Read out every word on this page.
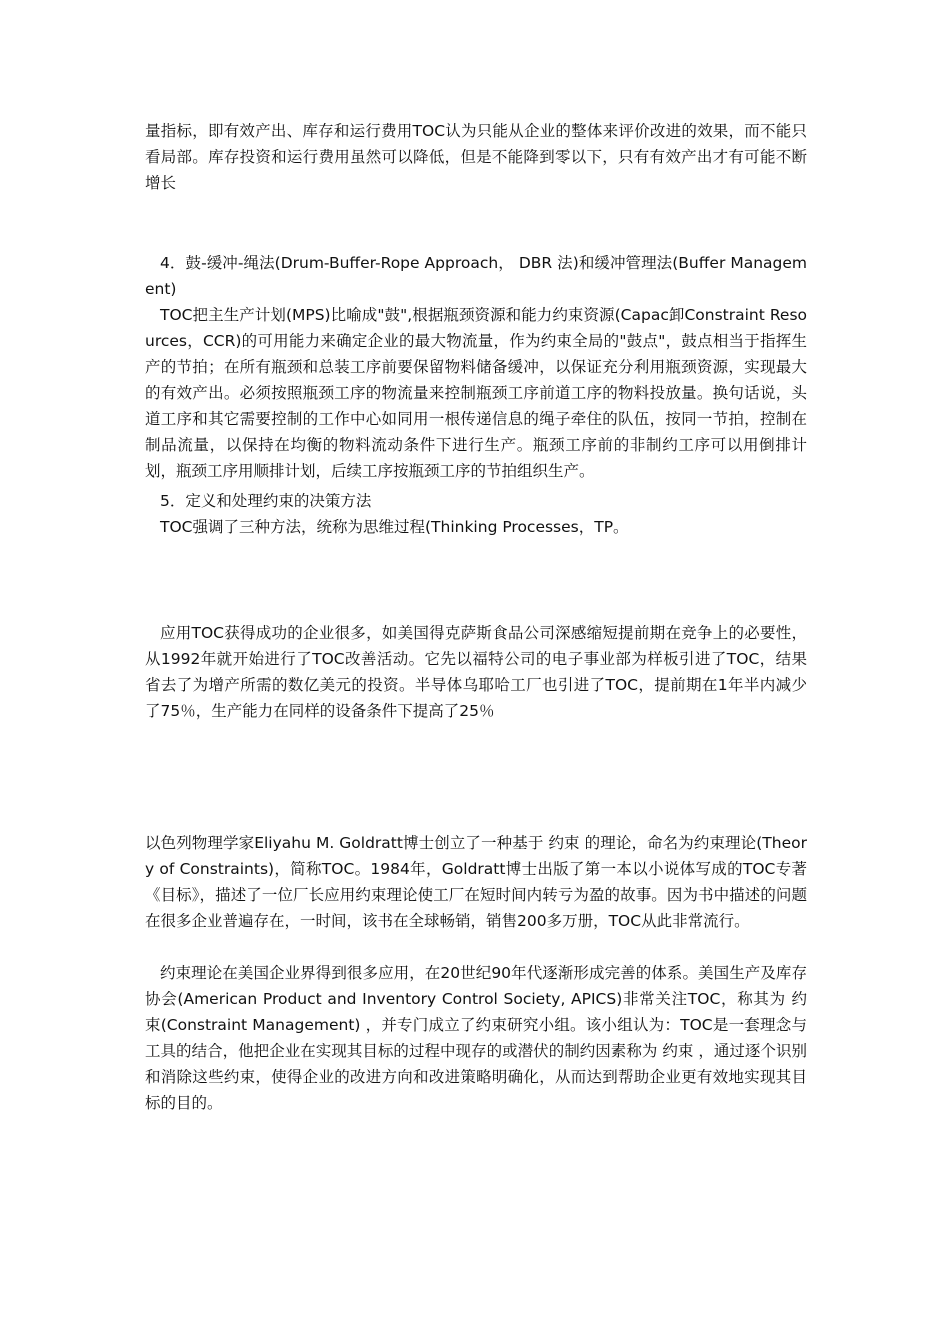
量指标，即有效产出、库存和运行费用TOC认为只能从企业的整体来评价改进的效果，而不能只看局部。库存投资和运行费用虽然可以降低，但是不能降到零以下，只有有效产出才有可能不断增长

4．鼓-缓冲-绳法(Drum-Buffer-Rope Approach， DBR 法)和缓冲管理法(Buffer Management)

TOC把主生产计划(MPS)比喻成"鼓",根据瓶颈资源和能力约束资源(Capac卸Constraint Resources，CCR)的可用能力来确定企业的最大物流量，作为约束全局的"鼓点"，鼓点相当于指挥生产的节拍；在所有瓶颈和总装工序前要保留物料储备缓冲，以保证充分利用瓶颈资源，实现最大的有效产出。必须按照瓶颈工序的物流量来控制瓶颈工序前道工序的物料投放量。换句话说，头道工序和其它需要控制的工作中心如同用一根传递信息的绳子牵住的队伍，按同一节拍，控制在制品流量，以保持在均衡的物料流动条件下进行生产。瓶颈工序前的非制约工序可以用倒排计划，瓶颈工序用顺排计划，后续工序按瓶颈工序的节拍组织生产。

5．定义和处理约束的决策方法

TOC强调了三种方法，统称为思维过程(Thinking Processes，TP。

应用TOC获得成功的企业很多，如美国得克萨斯食品公司深感缩短提前期在竞争上的必要性，从1992年就开始进行了TOC改善活动。它先以福特公司的电子事业部为样板引进了TOC，结果省去了为增产所需的数亿美元的投资。半导体乌耶哈工厂也引进了TOC，提前期在1年半内减少了75％，生产能力在同样的设备条件下提高了25％

以色列物理学家Eliyahu M. Goldratt博士创立了一种基于 约束 的理论，命名为约束理论(Theory of Constraints)，简称TOC。1984年，Goldratt博士出版了第一本以小说体写成的TOC专著《目标》，描述了一位厂长应用约束理论使工厂在短时间内转亏为盈的故事。因为书中描述的问题在很多企业普遍存在，一时间，该书在全球畅销，销售200多万册，TOC从此非常流行。

约束理论在美国企业界得到很多应用，在20世纪90年代逐渐形成完善的体系。美国生产及库存协会(American Product and Inventory Control Society, APICS)非常关注TOC，称其为 约束(Constraint Management) ，并专门成立了约束研究小组。该小组认为：TOC是一套理念与工具的结合，他把企业在实现其目标的过程中现存的或潜伏的制约因素称为 约束 ，通过逐个识别和消除这些约束，使得企业的改进方向和改进策略明确化，从而达到帮助企业更有效地实现其目标的目的。
